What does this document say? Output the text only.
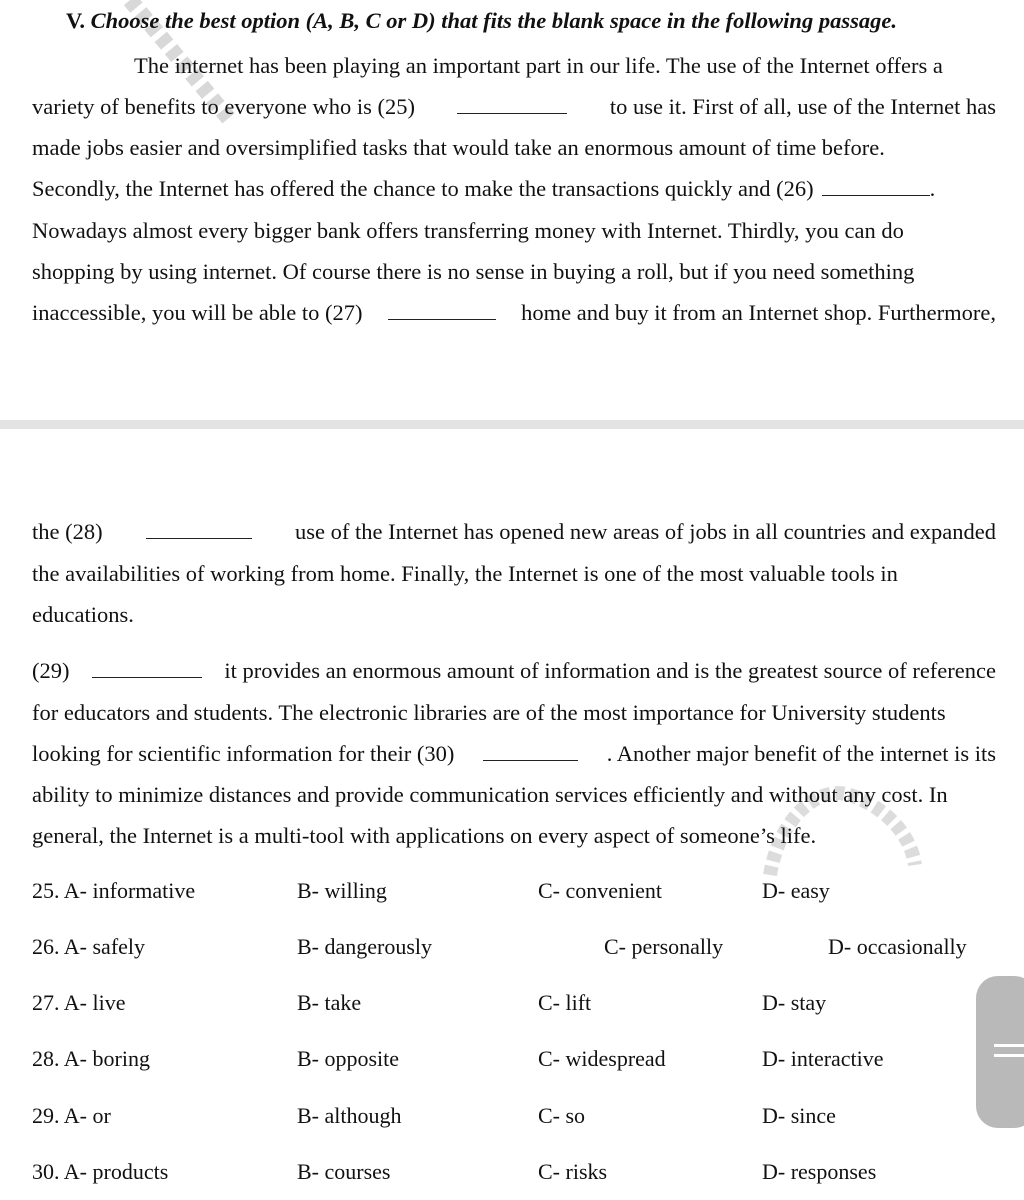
V. Choose the best option (A, B, C or D) that fits the blank space in the following passage.
The internet has been playing an important part in our life. The use of the Internet offers a
variety of benefits to everyone who is (25)	to use it. First of all, use of the Internet has
made jobs easier and oversimplified tasks that would take an enormous amount of time before.
Secondly, the Internet has offered the chance to make the transactions quickly and (26)	.
Nowadays almost every bigger bank offers transferring money with Internet. Thirdly, you can do
shopping by using internet. Of course there is no sense in buying a roll, but if you need something
inaccessible, you will be able to (27)	home and buy it from an Internet shop. Furthermore,
the (28)	use of the Internet has opened new areas of jobs in all countries and expanded
the availabilities of working from home. Finally, the Internet is one of the most valuable tools in
educations.
(29)	it provides an enormous amount of information and is the greatest source of reference
for educators and students. The electronic libraries are of the most importance for University students
looking for scientific information for their (30)	. Another major benefit of the internet is its
ability to minimize distances and provide communication services efficiently and without any cost. In
general, the Internet is a multi-tool with applications on every aspect of someone’s life.
25. A- informative	B- willing	C- convenient	D- easy
26. A- safely	B- dangerously	C- personally	D- occasionally
27. A- live	B- take	C- lift	D- stay
28. A- boring	B- opposite	C- widespread	D- interactive
29. A- or	B- although	C- so	D- since
30. A- products	B- courses	C- risks	D- responses
